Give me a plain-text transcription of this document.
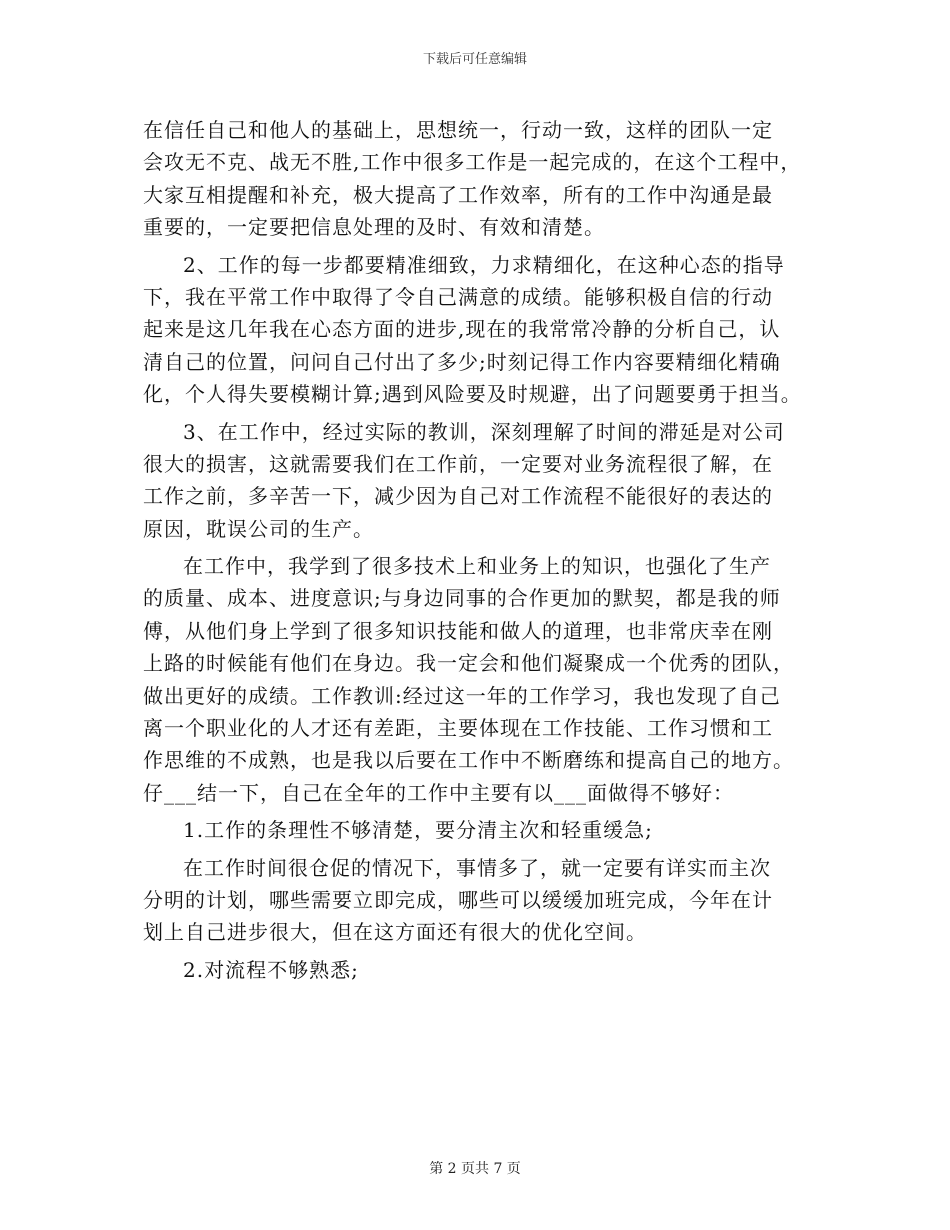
下载后可任意编辑
在信任自己和他人的基础上，思想统一，行动一致，这样的团队一定
会攻无不克、战无不胜,工作中很多工作是一起完成的，在这个工程中，
大家互相提醒和补充，极大提高了工作效率，所有的工作中沟通是最
重要的，一定要把信息处理的及时、有效和清楚。
2、工作的每一步都要精准细致，力求精细化，在这种心态的指导
下，我在平常工作中取得了令自己满意的成绩。能够积极自信的行动
起来是这几年我在心态方面的进步,现在的我常常冷静的分析自己，认
清自己的位置，问问自己付出了多少;时刻记得工作内容要精细化精确
化，个人得失要模糊计算;遇到风险要及时规避，出了问题要勇于担当。
3、在工作中，经过实际的教训，深刻理解了时间的滞延是对公司
很大的损害，这就需要我们在工作前，一定要对业务流程很了解，在
工作之前，多辛苦一下，减少因为自己对工作流程不能很好的表达的
原因，耽误公司的生产。
在工作中，我学到了很多技术上和业务上的知识，也强化了生产
的质量、成本、进度意识;与身边同事的合作更加的默契，都是我的师
傅，从他们身上学到了很多知识技能和做人的道理，也非常庆幸在刚
上路的时候能有他们在身边。我一定会和他们凝聚成一个优秀的团队，
做出更好的成绩。工作教训:经过这一年的工作学习，我也发现了自己
离一个职业化的人才还有差距，主要体现在工作技能、工作习惯和工
作思维的不成熟，也是我以后要在工作中不断磨练和提高自己的地方。
仔___结一下，自己在全年的工作中主要有以___面做得不够好：
1.工作的条理性不够清楚，要分清主次和轻重缓急;
在工作时间很仓促的情况下，事情多了，就一定要有详实而主次
分明的计划，哪些需要立即完成，哪些可以缓缓加班完成，今年在计
划上自己进步很大，但在这方面还有很大的优化空间。
2.对流程不够熟悉;
第 2 页共 7 页
